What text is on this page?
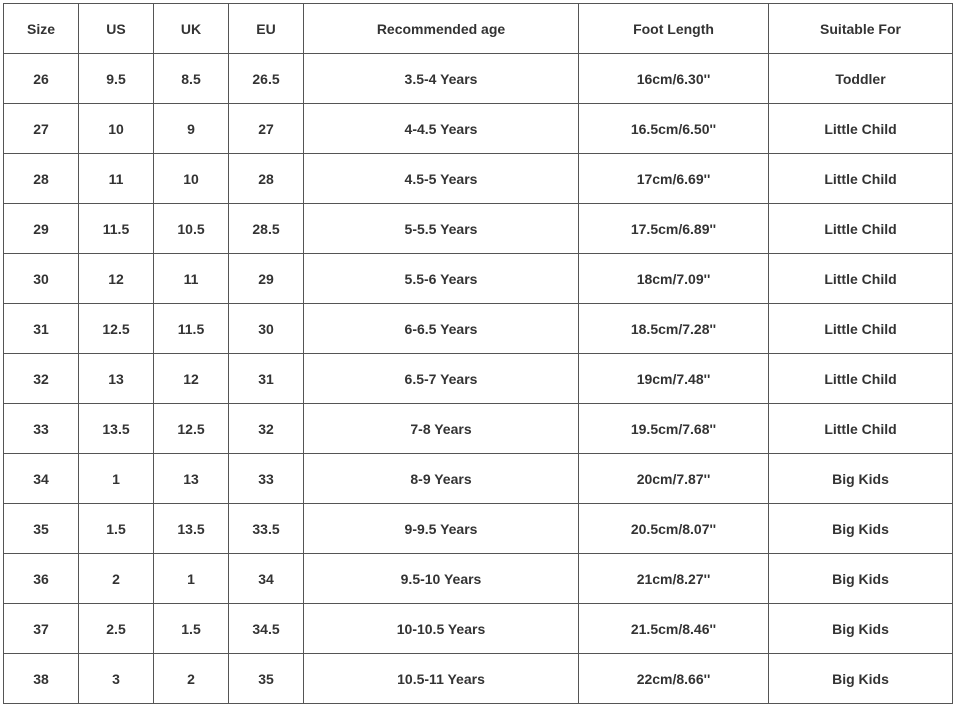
Size	US	UK	EU	Recommended age	Foot Length	Suitable For
26	9.5	8.5	26.5	3.5-4 Years	16cm/6.30''	Toddler
27	10	9	27	4-4.5 Years	16.5cm/6.50''	Little Child
28	11	10	28	4.5-5 Years	17cm/6.69''	Little Child
29	11.5	10.5	28.5	5-5.5 Years	17.5cm/6.89''	Little Child
30	12	11	29	5.5-6 Years	18cm/7.09''	Little Child
31	12.5	11.5	30	6-6.5 Years	18.5cm/7.28''	Little Child
32	13	12	31	6.5-7 Years	19cm/7.48''	Little Child
33	13.5	12.5	32	7-8 Years	19.5cm/7.68''	Little Child
34	1	13	33	8-9 Years	20cm/7.87''	Big Kids
35	1.5	13.5	33.5	9-9.5 Years	20.5cm/8.07''	Big Kids
36	2	1	34	9.5-10 Years	21cm/8.27''	Big Kids
37	2.5	1.5	34.5	10-10.5 Years	21.5cm/8.46''	Big Kids
38	3	2	35	10.5-11 Years	22cm/8.66''	Big Kids
